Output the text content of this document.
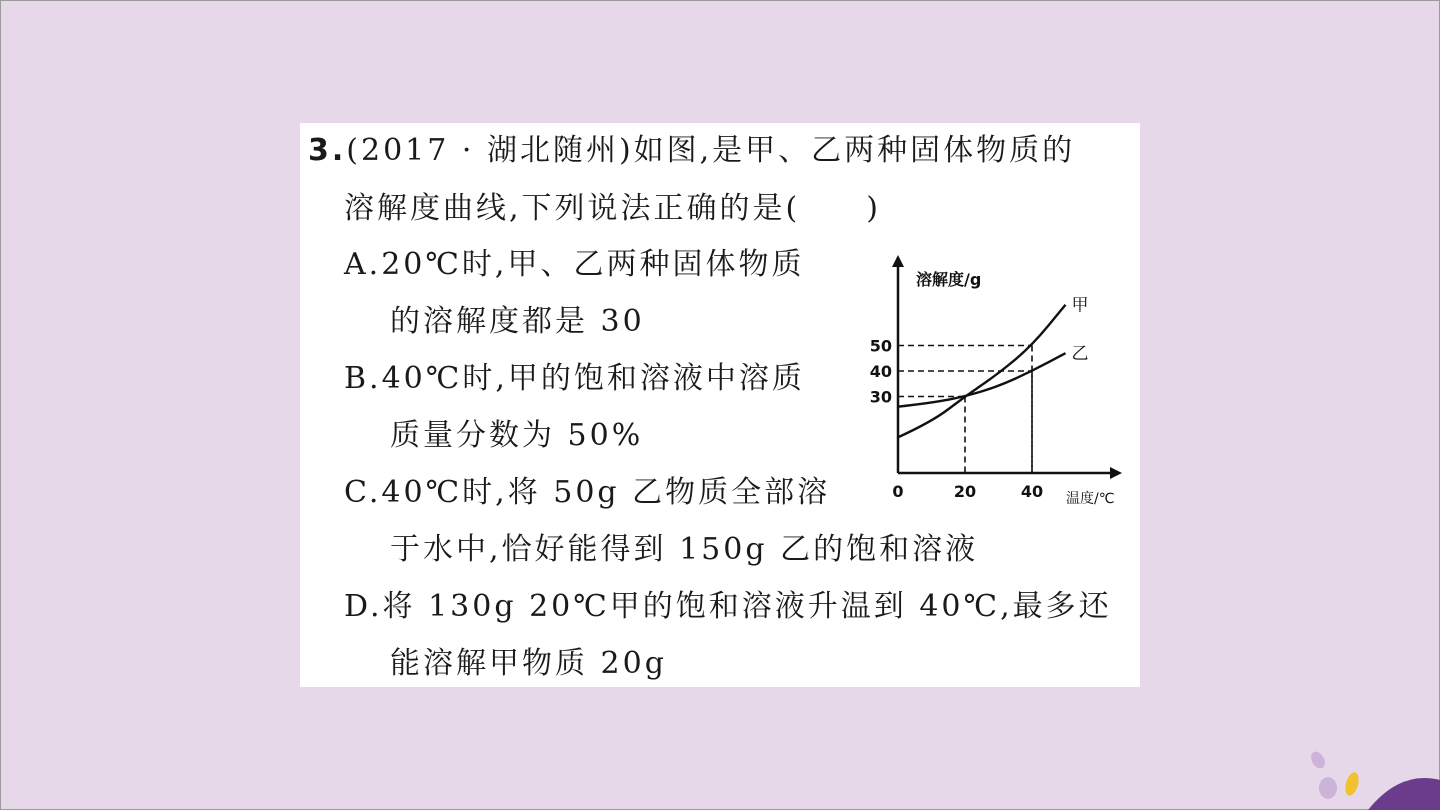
3.(2017 · 湖北随州)如图,是甲、乙两种固体物质的
溶解度曲线,下列说法正确的是(　　)
A.20℃时,甲、乙两种固体物质
的溶解度都是 30
B.40℃时,甲的饱和溶液中溶质
质量分数为 50%
C.40℃时,将 50g 乙物质全部溶
于水中,恰好能得到 150g 乙的饱和溶液
D.将 130g 20℃甲的饱和溶液升温到 40℃,最多还
能溶解甲物质 20g
甲
乙
0	20	40
30
40
50
溶解度/g
温度/℃
